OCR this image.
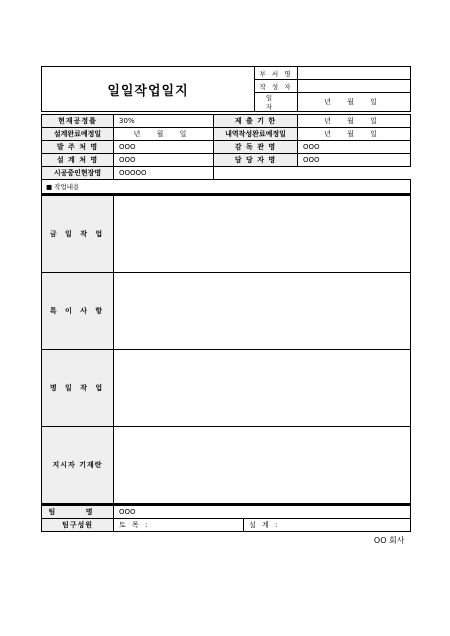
일일작업일지	부 서 명	
	작 성 자	
	일 자	년 월 일
현재공정률	30%	제 출 기 한	년 월 일
설계완료예정일	년 월 일	내역작성완료예정일	년 월 일
발 주 처 명	OOO	감 독 관 명	OOO
설 계 처 명	OOO	담 당 자 명	OOO
시공중인현장명	OOOOO		
■ 작업내용			
금 일 작 업	
특 이 사 항	
명 일 작 업	
지시자 기재란	
팀 명	OOO	
팀구성원	토 목 :	설 계 :
OO 회사		
